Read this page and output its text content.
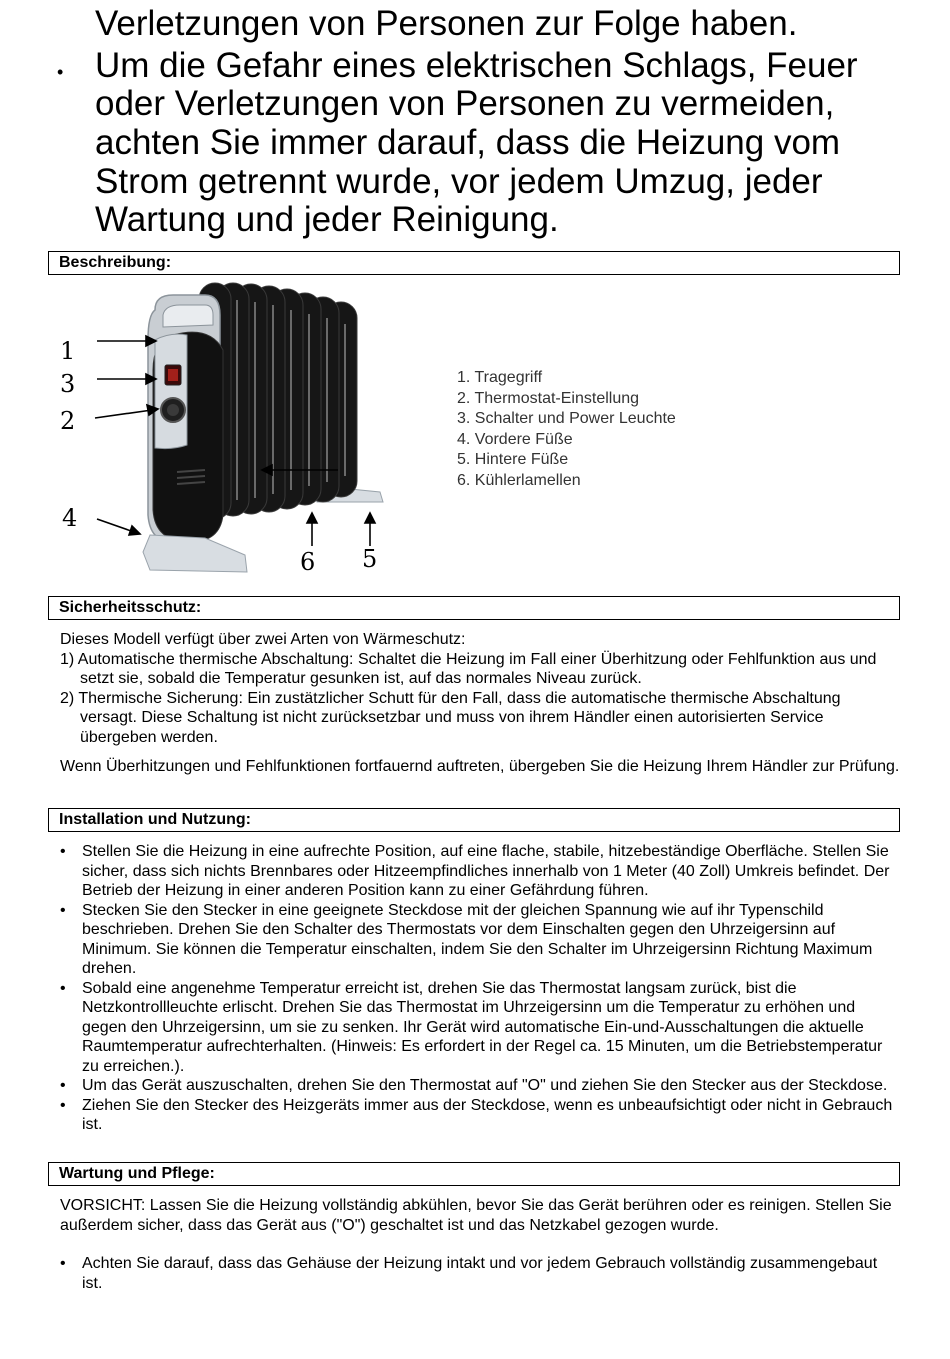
Verletzungen von Personen zur Folge haben.
• Um die Gefahr eines elektrischen Schlags, Feuer
oder Verletzungen von Personen zu vermeiden,
achten Sie immer darauf, dass die Heizung vom
Strom getrennt wurde, vor jedem Umzug, jeder
Wartung und jeder Reinigung.
Beschreibung:
1
3
2
4
6 5
1. Tragegriff
2. Thermostat-Einstellung
3. Schalter und Power Leuchte
4. Vordere Füße
5. Hintere Füße
6. Kühlerlamellen
Sicherheitsschutz:
Dieses Modell verfügt über zwei Arten von Wärmeschutz:
1) Automatische thermische Abschaltung: Schaltet die Heizung im Fall einer Überhitzung oder Fehlfunktion aus und setzt sie, sobald die Temperatur gesunken ist, auf das normales Niveau zurück.
2) Thermische Sicherung: Ein zustätzlicher Schutt für den Fall, dass die automatische thermische Abschaltung versagt. Diese Schaltung ist nicht zurücksetzbar und muss von ihrem Händler einen autorisierten Service übergeben werden.
Wenn Überhitzungen und Fehlfunktionen fortfauernd auftreten, übergeben Sie die Heizung Ihrem Händler zur Prüfung.
Installation und Nutzung:
• Stellen Sie die Heizung in eine aufrechte Position, auf eine flache, stabile, hitzebeständige Oberfläche. Stellen Sie sicher, dass sich nichts Brennbares oder Hitzeempfindliches innerhalb von 1 Meter (40 Zoll) Umkreis befindet. Der Betrieb der Heizung in einer anderen Position kann zu einer Gefährdung führen.
• Stecken Sie den Stecker in eine geeignete Steckdose mit der gleichen Spannung wie auf ihr Typenschild beschrieben. Drehen Sie den Schalter des Thermostats vor dem Einschalten gegen den Uhrzeigersinn auf Minimum. Sie können die Temperatur einschalten, indem Sie den Schalter im Uhrzeigersinn Richtung Maximum drehen.
• Sobald eine angenehme Temperatur erreicht ist, drehen Sie das Thermostat langsam zurück, bist die Netzkontrollleuchte erlischt. Drehen Sie das Thermostat im Uhrzeigersinn um die Temperatur zu erhöhen und gegen den Uhrzeigersinn, um sie zu senken. Ihr Gerät wird automatische Ein-und-Ausschaltungen die aktuelle Raumtemperatur aufrechterhalten. (Hinweis: Es erfordert in der Regel ca. 15 Minuten, um die Betriebstemperatur zu erreichen.).
• Um das Gerät auszuschalten, drehen Sie den Thermostat auf "O" und ziehen Sie den Stecker aus der Steckdose.
• Ziehen Sie den Stecker des Heizgeräts immer aus der Steckdose, wenn es unbeaufsichtigt oder nicht in Gebrauch ist.
Wartung und Pflege:
VORSICHT: Lassen Sie die Heizung vollständig abkühlen, bevor Sie das Gerät berühren oder es reinigen. Stellen Sie außerdem sicher, dass das Gerät aus ("O") geschaltet ist und das Netzkabel gezogen wurde.
• Achten Sie darauf, dass das Gehäuse der Heizung intakt und vor jedem Gebrauch vollständig zusammengebaut ist.
